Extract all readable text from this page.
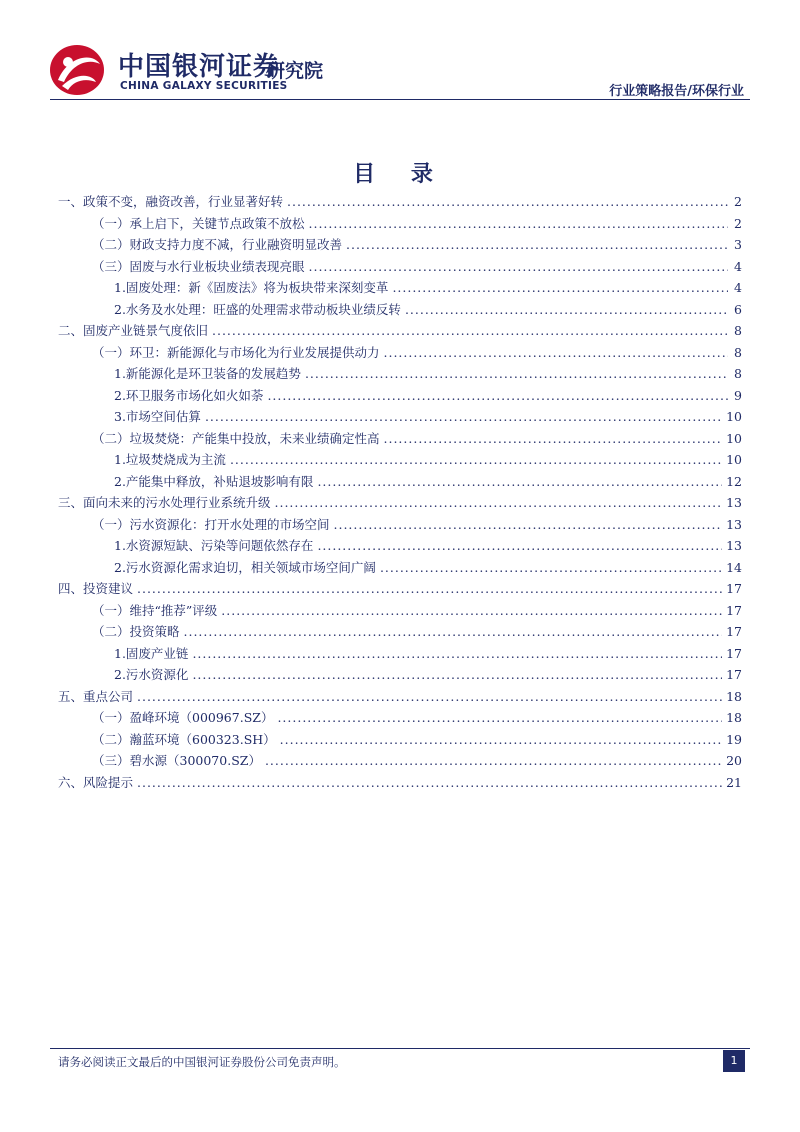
中国银河证券
CHINA GALAXY SECURITIES
研究院
行业策略报告/环保行业
目 录
一、政策不变，融资改善，行业显著好转 .....	2
（一）承上启下，关键节点政策不放松 .....	2
（二）财政支持力度不减，行业融资明显改善 .....	3
（三）固废与水行业板块业绩表现亮眼 .....	4
1.固废处理：新《固废法》将为板块带来深刻变革 .....	4
2.水务及水处理：旺盛的处理需求带动板块业绩反转 .....	6
二、固废产业链景气度依旧 .....	8
（一）环卫：新能源化与市场化为行业发展提供动力 .....	8
1.新能源化是环卫装备的发展趋势 .....	8
2.环卫服务市场化如火如荼 .....	9
3.市场空间估算 .....	10
（二）垃圾焚烧：产能集中投放，未来业绩确定性高 .....	10
1.垃圾焚烧成为主流 .....	10
2.产能集中释放，补贴退坡影响有限 .....	12
三、面向未来的污水处理行业系统升级 .....	13
（一）污水资源化：打开水处理的市场空间 .....	13
1.水资源短缺、污染等问题依然存在 .....	13
2.污水资源化需求迫切，相关领域市场空间广阔 .....	14
四、投资建议 .....	17
（一）维持“推荐”评级 .....	17
（二）投资策略 .....	17
1.固废产业链 .....	17
2.污水资源化 .....	17
五、重点公司 .....	18
（一）盈峰环境（000967.SZ） .....	18
（二）瀚蓝环境（600323.SH） .....	19
（三）碧水源（300070.SZ） .....	20
六、风险提示 .....	21
请务必阅读正文最后的中国银河证券股份公司免责声明。	1
